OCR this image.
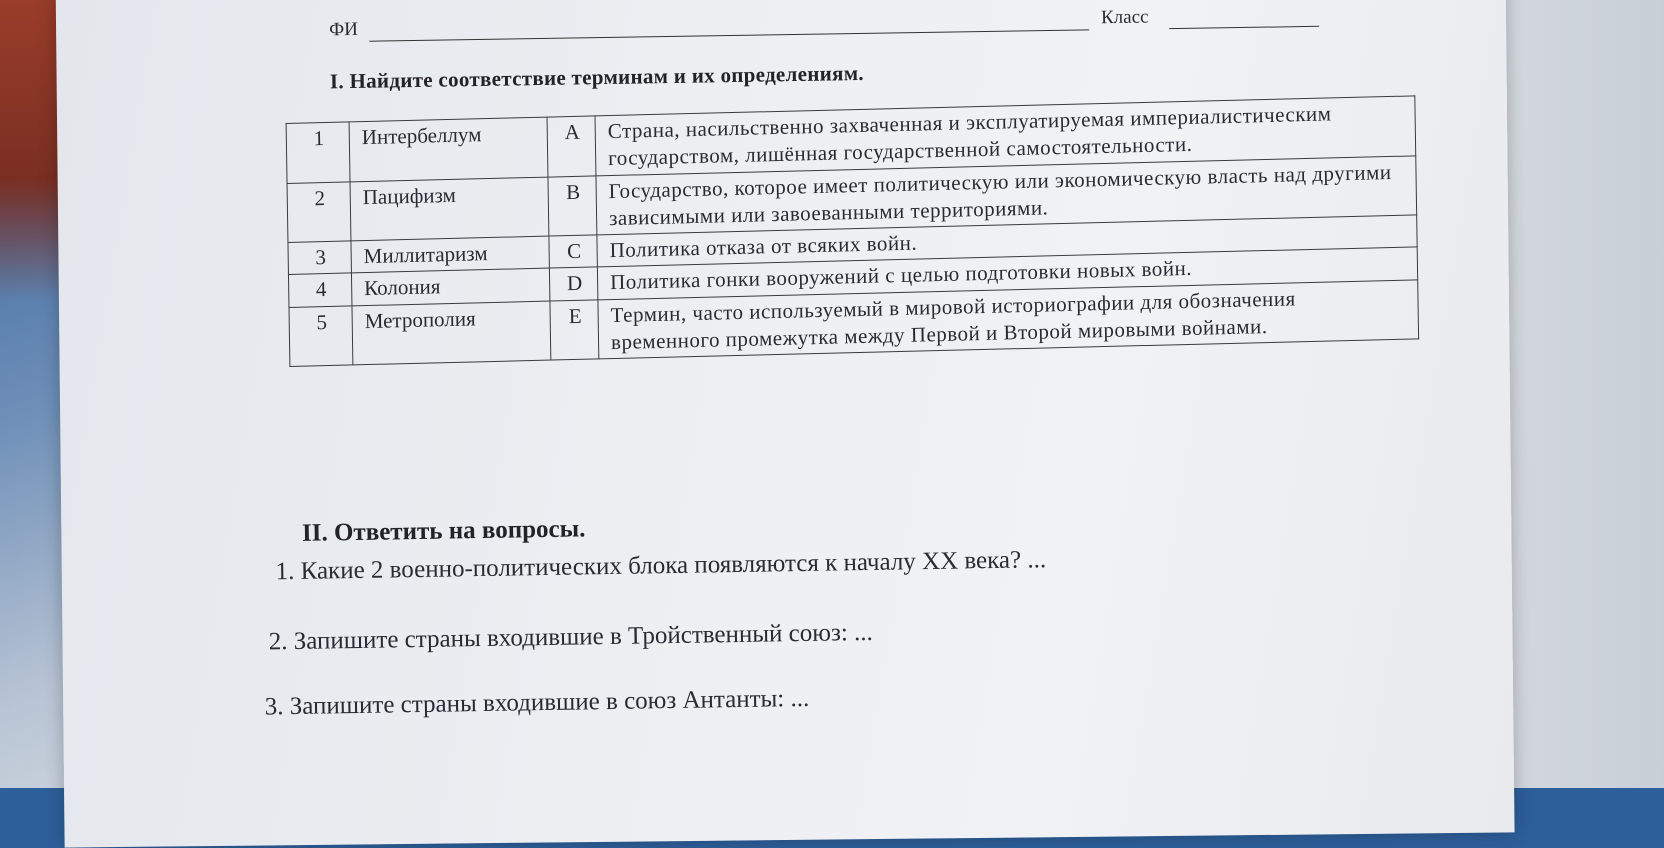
ФИ
Класс
I. Найдите соответствие терминам и их определениям.
1	Интербеллум	A	Страна, насильственно захваченная и эксплуатируемая империалистическим государством, лишённая государственной самостоятельности.
2	Пацифизм	B	Государство, которое имеет политическую или экономическую власть над другими зависимыми или завоеванными территориями.
3	Миллитаризм	C	Политика отказа от всяких войн.
4	Колония	D	Политика гонки вооружений с целью подготовки новых войн.
5	Метрополия	E	Термин, часто используемый в мировой историографии для обозначения временного промежутка между Первой и Второй мировыми войнами.
II. Ответить на вопросы.
1. Какие 2 военно-политических блока появляются к началу XX века? ...
2. Запишите страны входившие в Тройственный союз: ...
3. Запишите страны входившие в союз Антанты: ...
